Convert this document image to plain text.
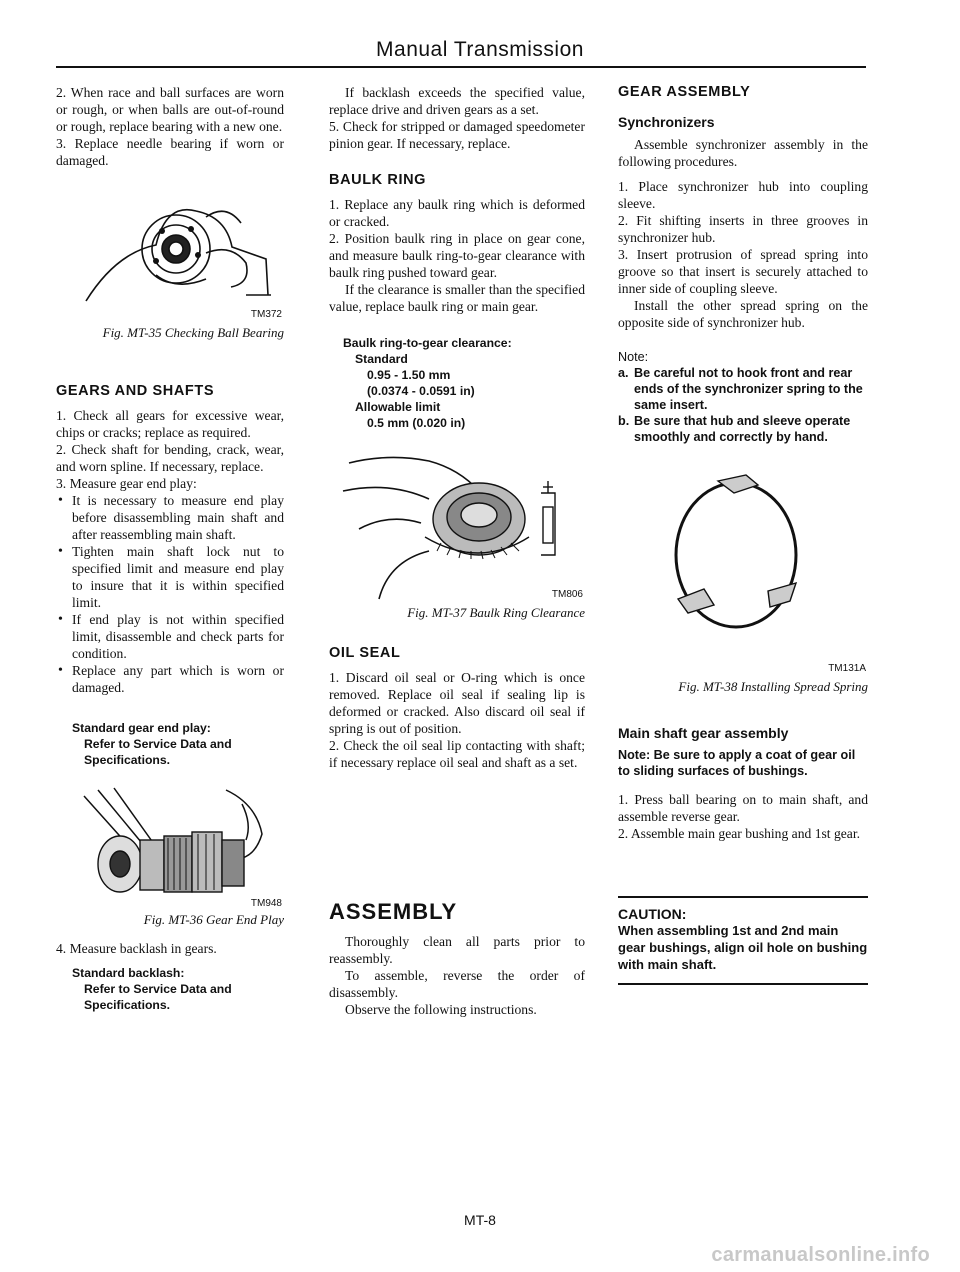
Manual Transmission

2. When race and ball surfaces are worn or rough, or when balls are out-of-round or rough, replace bearing with a new one.

3. Replace needle bearing if worn or damaged.

TM372
Fig. MT-35 Checking Ball Bearing
GEARS AND SHAFTS

1. Check all gears for excessive wear, chips or cracks; replace as required.

2. Check shaft for bending, crack, wear, and worn spline. If necessary, replace.

3. Measure gear end play:

• It is necessary to measure end play before disassembling main shaft and after reassembling main shaft.
• Tighten main shaft lock nut to specified limit and measure end play to insure that it is within specified limit.
• If end play is not within specified limit, disassemble and check parts for condition.
• Replace any part which is worn or damaged.
Standard gear end play:
Refer to Service Data and
Specifications.
TM948
Fig. MT-36 Gear End Play

4. Measure backlash in gears.

Standard backlash:
Refer to Service Data and
Specifications.

If backlash exceeds the specified value, replace drive and driven gears as a set.

5. Check for stripped or damaged speedometer pinion gear. If necessary, replace.

BAULK RING

1. Replace any baulk ring which is deformed or cracked.

2. Position baulk ring in place on gear cone, and measure baulk ring-to-gear clearance with baulk ring pushed toward gear.

If the clearance is smaller than the specified value, replace baulk ring or main gear.

Baulk ring-to-gear clearance:
Standard
0.95 - 1.50 mm
(0.0374 - 0.0591 in)
Allowable limit
0.5 mm (0.020 in)
TM806
Fig. MT-37 Baulk Ring Clearance
OIL SEAL

1. Discard oil seal or O-ring which is once removed. Replace oil seal if sealing lip is deformed or cracked. Also discard oil seal if spring is out of position.

2. Check the oil seal lip contacting with shaft; if necessary replace oil seal and shaft as a set.

ASSEMBLY

Thoroughly clean all parts prior to reassembly.

To assemble, reverse the order of disassembly.

Observe the following instructions.

GEAR ASSEMBLY
Synchronizers

Assemble synchronizer assembly in the following procedures.

1. Place synchronizer hub into coupling sleeve.

2. Fit shifting inserts in three grooves in synchronizer hub.

3. Insert protrusion of spread spring into groove so that insert is securely attached to inner side of coupling sleeve.

Install the other spread spring on the opposite side of synchronizer hub.

Note:
a. Be careful not to hook front and rear ends of the synchronizer spring to the same insert.
b. Be sure that hub and sleeve operate smoothly and correctly by hand.
TM131A
Fig. MT-38 Installing Spread Spring
Main shaft gear assembly
Note: Be sure to apply a coat of gear oil to sliding surfaces of bushings.

1. Press ball bearing on to main shaft, and assemble reverse gear.

2. Assemble main gear bushing and 1st gear.

CAUTION:
When assembling 1st and 2nd main gear bushings, align oil hole on bushing with main shaft.
MT-8
carmanualsonline.info
